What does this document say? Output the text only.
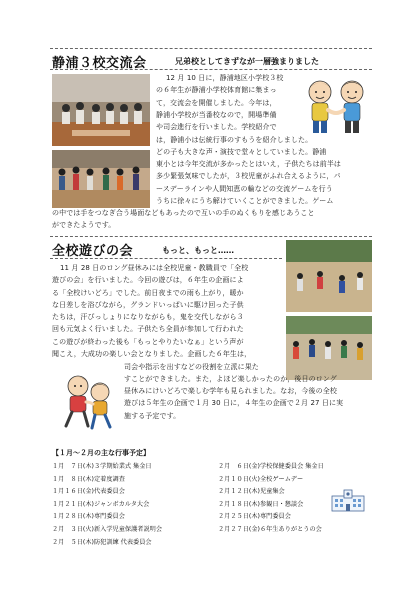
静浦３校交流会	兄弟校としてきずなが一層強まりました
12 月 10 日に，静浦地区小学校３校
の６年生が静浦小学校体育館に集まっ
て，交流会を開催しました。今年は，
静浦小学校が当番校なので，開場準備
や司会進行を行いました。学校紹介で
は，静浦小は伝統行事のすもうを紹介しました。
どの子も大きな声・演技で堂々としていました。静浦
東小とは今年交流が多かったとはいえ，子供たちは前半は
多少緊張気味でしたが，３校児童がふれ合えるように，パ
ースデーラインや人間知恵の輪などの交流ゲームを行う
うちに徐々にうち解けていくことができました。ゲーム
の中では手をつなぎ合う場面などもあったので互いの手のぬくもりを感じあうこと
ができたようです。
全校遊びの会	もっと、もっと……
11 月 28 日のロング昼休みには全校児童・教職員で「全校
遊びの会」を行いました。今回の遊びは，６年生の企画によ
る「全校けいどろ」でした。前日夜までの雨も上がり，暖か
な日差しを浴びながら，グランドいっぱいに駆け回った子供
たちは，汗びっしょりになりながらも，鬼を交代しながら３
回も元気よく行いました。子供たち全員が参加して行われた
この遊びが終わった後も「もっとやりたいなぁ」という声が
聞こえ，大成功の楽しい会となりました。企画した６年生は，
司会や指示を出すなどの役割を立派に果た
すことができました。また，よほど楽しかったのか，後日のロング
昼休みにけいどろで楽しむ学年も見られました。なお，今後の全校
遊びは５年生の企画で１月 30 日に，４年生の企画で２月 27 日に実
施する予定です。
【１月～２月の主な行事予定】
１月　７日(木)３学期始業式 集金日
１月　８日(木)定着度調査
１月１６日(金)代表委員会
１月２１日(木)ジャンボカルタ大会
１月２８日(木)専門委員会
２月　３日(火)新入学児童保護者説明会
２月　５日(木)防犯訓練 代表委員会
２月　６日(金)学校保健委員会 集金日
２月１０日(火)全校ゲームデー
２月１２日(木)児童集会
２月１８日(木)参観日・懇談会
２月２５日(木)専門委員会
２月２７日(金)６年生ありがとうの会
